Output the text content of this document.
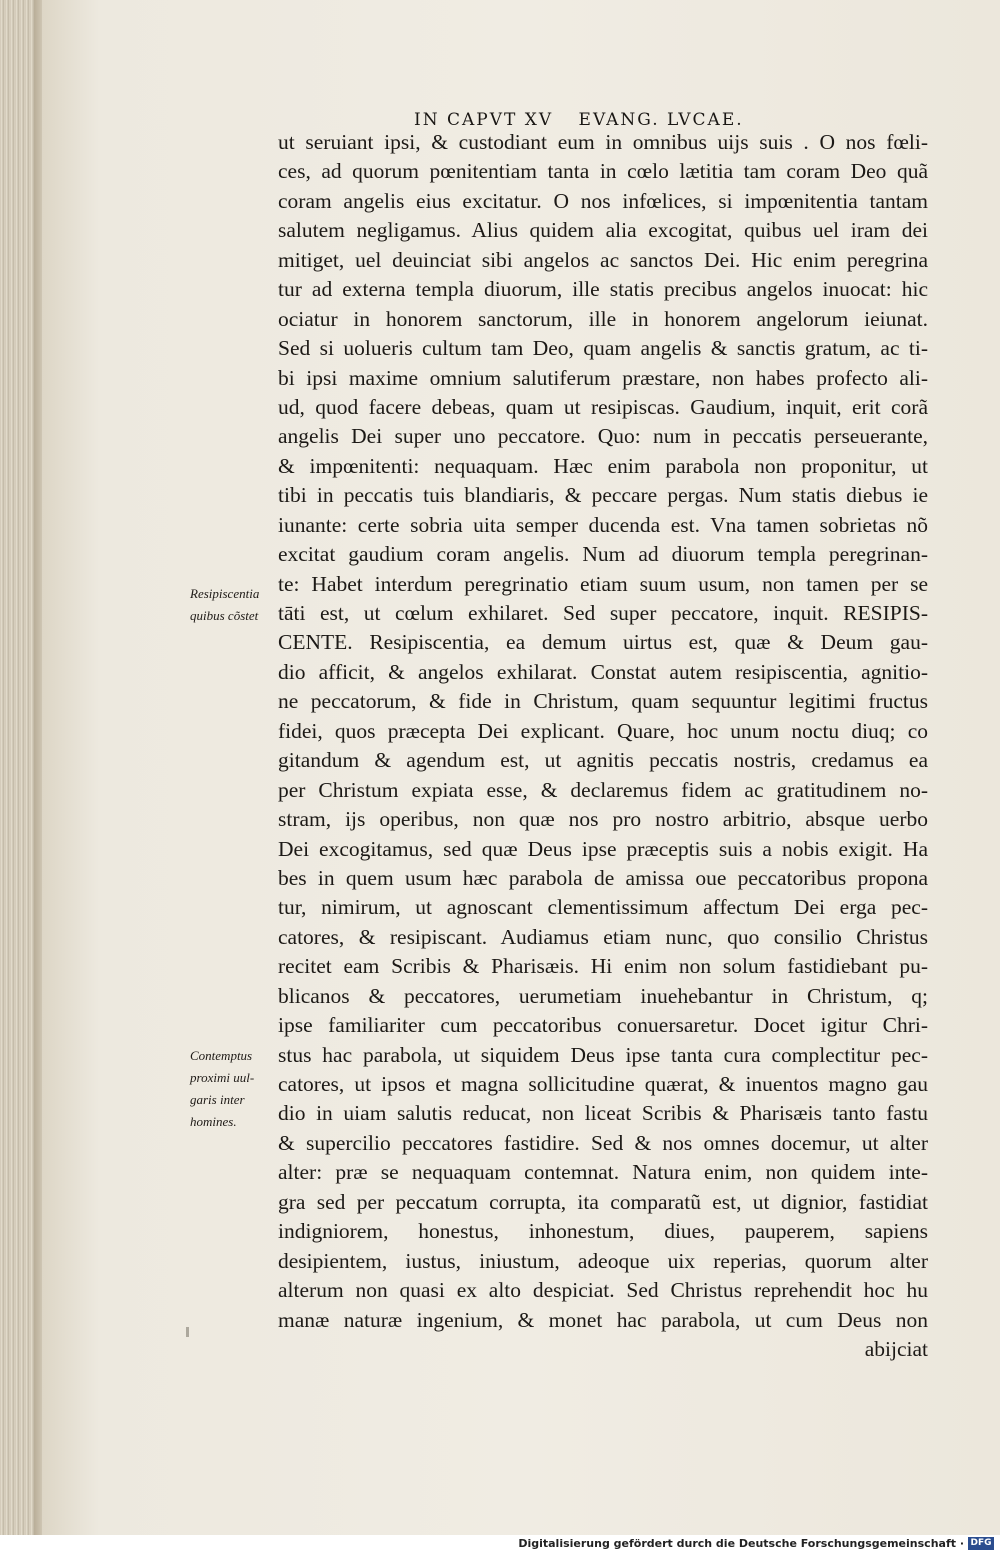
IN CAPVT XV EVANG. LVCAE.
ut seruiant ipsi, & custodiant eum in omnibus uijs suis . O nos fœli-
ces, ad quorum pœnitentiam tanta in cœlo lætitia tam coram Deo quã
coram angelis eius excitatur. O nos infœlices, si impœnitentia tantam
salutem negligamus. Alius quidem alia excogitat, quibus uel iram dei
mitiget, uel deuinciat sibi angelos ac sanctos Dei. Hic enim peregrina
tur ad externa templa diuorum, ille statis precibus angelos inuocat: hic
ociatur in honorem sanctorum, ille in honorem angelorum ieiunat.
Sed si uolueris cultum tam Deo, quam angelis & sanctis gratum, ac ti-
bi ipsi maxime omnium salutiferum præstare, non habes profecto ali-
ud, quod facere debeas, quam ut resipiscas. Gaudium, inquit, erit corã
angelis Dei super uno peccatore. Quo: num in peccatis perseuerante,
& impœnitenti: nequaquam. Hæc enim parabola non proponitur, ut
tibi in peccatis tuis blandiaris, & peccare pergas. Num statis diebus ie
iunante: certe sobria uita semper ducenda est. Vna tamen sobrietas nõ
excitat gaudium coram angelis. Num ad diuorum templa peregrinan-
te: Habet interdum peregrinatio etiam suum usum, non tamen per se
tāti est, ut cœlum exhilaret. Sed super peccatore, inquit. RESIPIS-
CENTE. Resipiscentia, ea demum uirtus est, quæ & Deum gau-
dio afficit, & angelos exhilarat. Constat autem resipiscentia, agnitio-
ne peccatorum, & fide in Christum, quam sequuntur legitimi fructus
fidei, quos præcepta Dei explicant. Quare, hoc unum noctu diuq; co
gitandum & agendum est, ut agnitis peccatis nostris, credamus ea
per Christum expiata esse, & declaremus fidem ac gratitudinem no-
stram, ijs operibus, non quæ nos pro nostro arbitrio, absque uerbo
Dei excogitamus, sed quæ Deus ipse præceptis suis a nobis exigit. Ha
bes in quem usum hæc parabola de amissa oue peccatoribus propona
tur, nimirum, ut agnoscant clementissimum affectum Dei erga pec-
catores, & resipiscant. Audiamus etiam nunc, quo consilio Christus
recitet eam Scribis & Pharisæis. Hi enim non solum fastidiebant pu-
blicanos & peccatores, uerumetiam inuehebantur in Christum, q;
ipse familiariter cum peccatoribus conuersaretur. Docet igitur Chri-
stus hac parabola, ut siquidem Deus ipse tanta cura complectitur pec-
catores, ut ipsos et magna sollicitudine quærat, & inuentos magno gau
dio in uiam salutis reducat, non liceat Scribis & Pharisæis tanto fastu
& supercilio peccatores fastidire. Sed & nos omnes docemur, ut alter
alter: præ se nequaquam contemnat. Natura enim, non quidem inte-
gra sed per peccatum corrupta, ita comparatũ est, ut dignior, fastidiat
indigniorem, honestus, inhonestum, diues, pauperem, sapiens
desipientem, iustus, iniustum, adeoque uix reperias, quorum alter
alterum non quasi ex alto despiciat. Sed Christus reprehendit hoc hu
manæ naturæ ingenium, & monet hac parabola, ut cum Deus non
abijciat
Resipiscentia
quibus cõstet
Contemptus
proximi uul-
garis inter
homines.
Digitalisierung gefördert durch die Deutsche Forschungsgemeinschaft · DFG
